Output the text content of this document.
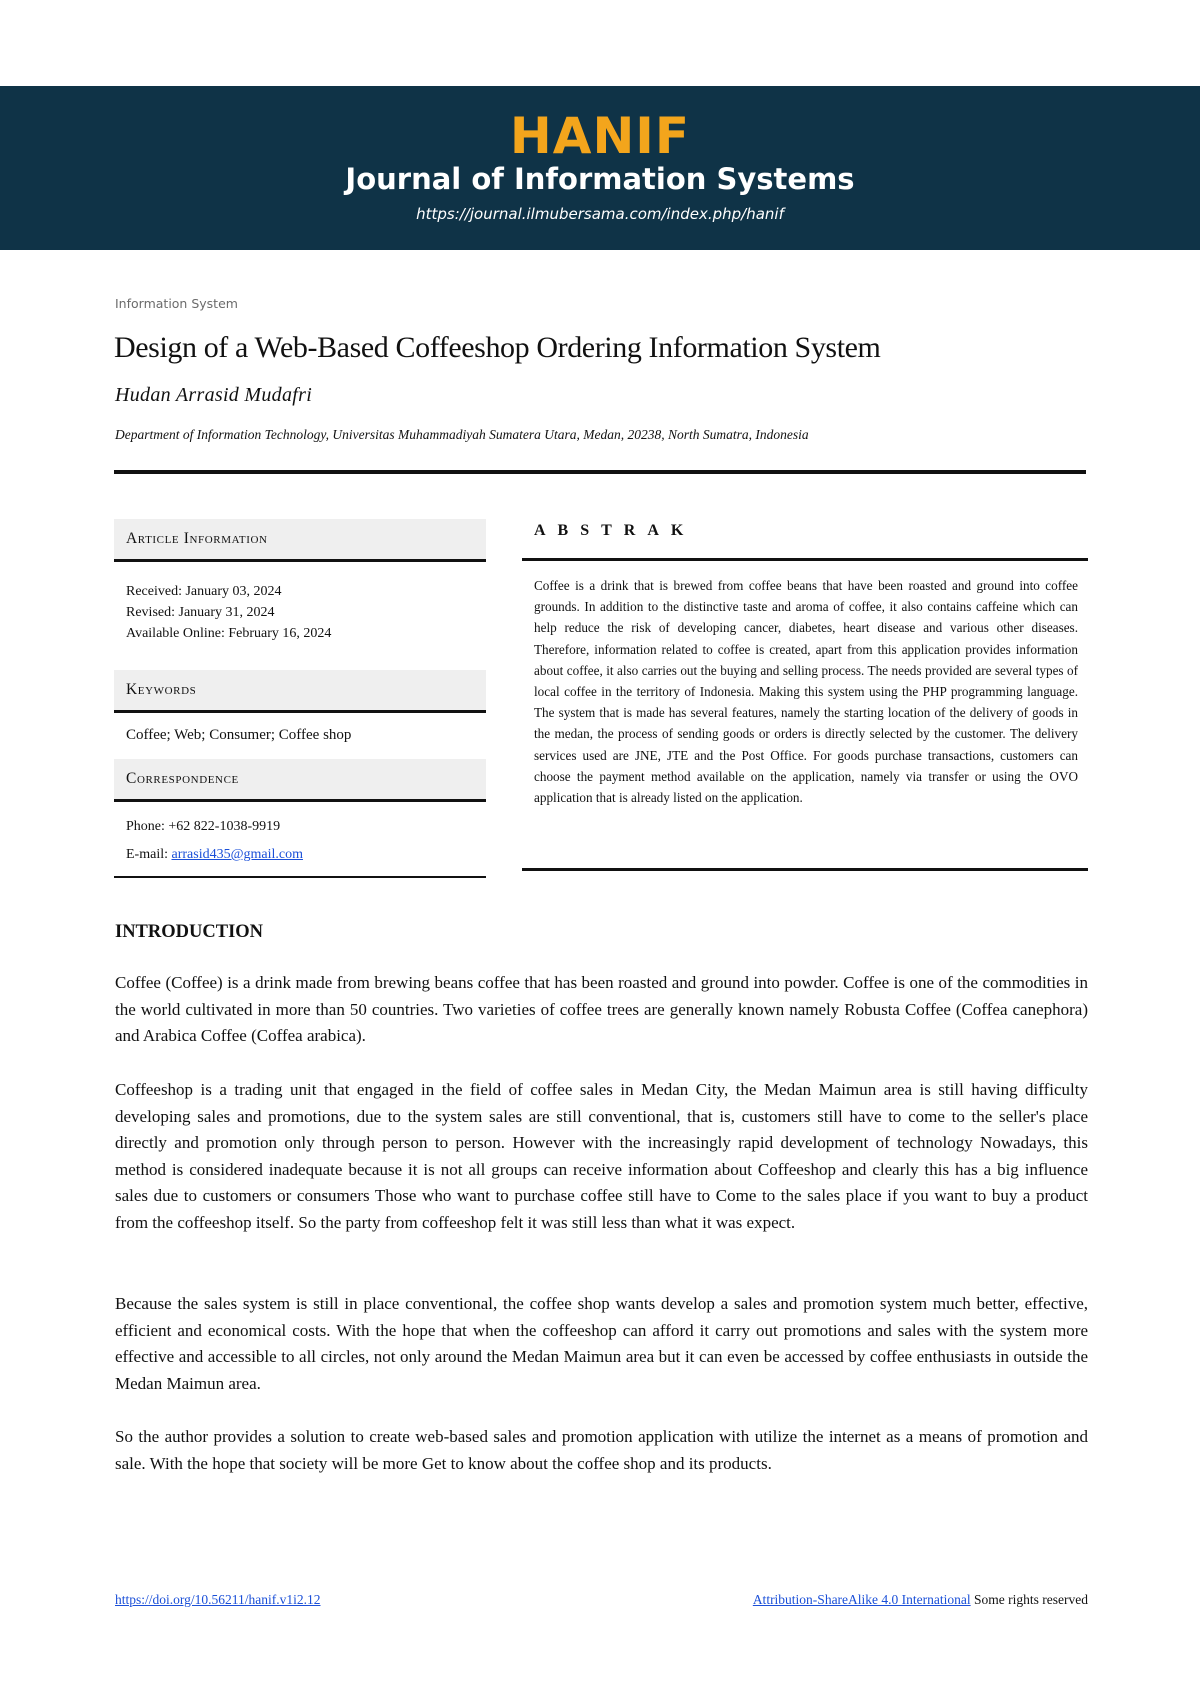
HANIF
Journal of Information Systems
https://journal.ilmubersama.com/index.php/hanif
Information System
Design of a Web-Based Coffeeshop Ordering Information System
Hudan Arrasid Mudafri
Department of Information Technology, Universitas Muhammadiyah Sumatera Utara, Medan, 20238, North Sumatra, Indonesia
Article Information
Received: January 03, 2024
Revised: January 31, 2024
Available Online: February 16, 2024
Keywords
Coffee; Web; Consumer; Coffee shop
Correspondence
Phone: +62 822-1038-9919
E-mail: arrasid435@gmail.com
ABSTRAK
Coffee is a drink that is brewed from coffee beans that have been roasted and ground into coffee grounds. In addition to the distinctive taste and aroma of coffee, it also contains caffeine which can help reduce the risk of developing cancer, diabetes, heart disease and various other diseases. Therefore, information related to coffee is created, apart from this application provides information about coffee, it also carries out the buying and selling process. The needs provided are several types of local coffee in the territory of Indonesia. Making this system using the PHP programming language. The system that is made has several features, namely the starting location of the delivery of goods in the medan, the process of sending goods or orders is directly selected by the customer. The delivery services used are JNE, JTE and the Post Office. For goods purchase transactions, customers can choose the payment method available on the application, namely via transfer or using the OVO application that is already listed on the application.
INTRODUCTION

Coffee (Coffee) is a drink made from brewing beans coffee that has been roasted and ground into powder. Coffee is one of the commodities in the world cultivated in more than 50 countries. Two varieties of coffee trees are generally known namely Robusta Coffee (Coffea canephora) and Arabica Coffee (Coffea arabica).

Coffeeshop is a trading unit that engaged in the field of coffee sales in Medan City, the Medan Maimun area is still having difficulty developing sales and promotions, due to the system sales are still conventional, that is, customers still have to come to the seller's place directly and promotion only through person to person. However with the increasingly rapid development of technology Nowadays, this method is considered inadequate because it is not all groups can receive information about Coffeeshop and clearly this has a big influence sales due to customers or consumers Those who want to purchase coffee still have to Come to the sales place if you want to buy a product from the coffeeshop itself. So the party from coffeeshop felt it was still less than what it was expect.

Because the sales system is still in place conventional, the coffee shop wants develop a sales and promotion system much better, effective, efficient and economical costs. With the hope that when the coffeeshop can afford it carry out promotions and sales with the system more effective and accessible to all circles, not only around the Medan Maimun area but it can even be accessed by coffee enthusiasts in outside the Medan Maimun area.

So the author provides a solution to create web-based sales and promotion application with utilize the internet as a means of promotion and sale. With the hope that society will be more Get to know about the coffee shop and its products.

https://doi.org/10.56211/hanif.v1i2.12	Attribution-ShareAlike 4.0 International Some rights reserved
